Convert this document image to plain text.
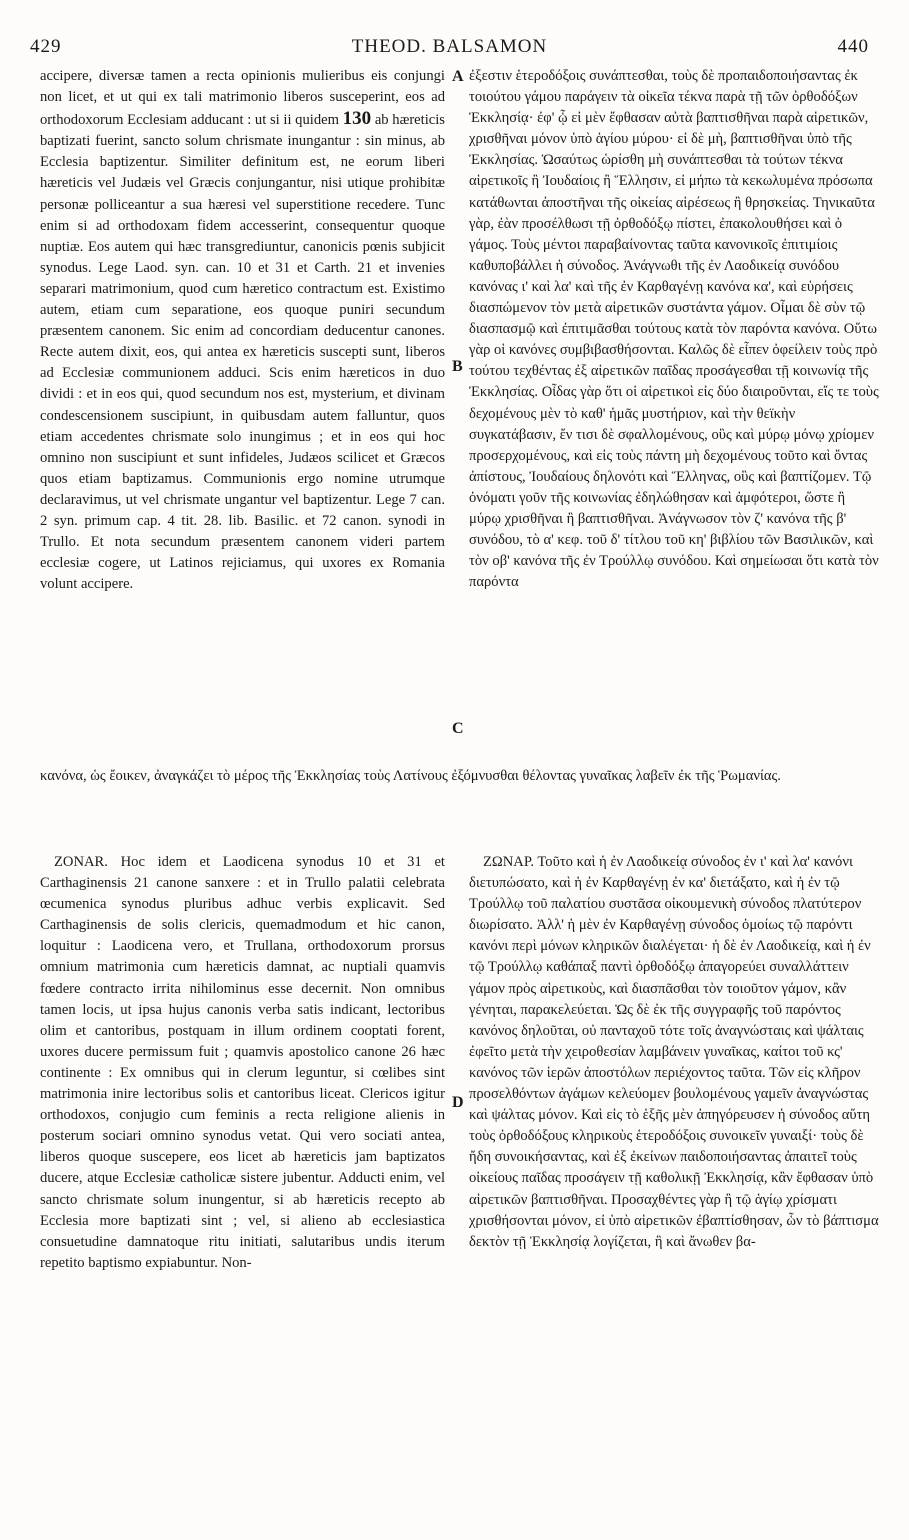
429	THEOD. BALSAMON	440

accipere, diversæ tamen a recta opinionis mulieribus eis conjungi non licet, et ut qui ex tali matrimonio liberos susceperint, eos ad orthodoxorum Ecclesiam adducant : ut si ii quidem 130 ab hæreticis baptizati fuerint, sancto solum chrismate inungantur : sin minus, ab Ecclesia baptizentur. Similiter definitum est, ne eorum liberi hæreticis vel Judæis vel Græcis conjungantur, nisi utique prohibitæ personæ polliceantur a sua hæresi vel superstitione recedere. Tunc enim si ad orthodoxam fidem accesserint, consequentur quoque nuptiæ. Eos autem qui hæc transgrediuntur, canonicis pœnis subjicit synodus. Lege Laod. syn. can. 10 et 31 et Carth. 21 et invenies separari matrimonium, quod cum hæretico contractum est. Existimo autem, etiam cum separatione, eos quoque puniri secundum præsentem canonem. Sic enim ad concordiam deducentur canones. Recte autem dixit, eos, qui antea ex hæreticis suscepti sunt, liberos ad Ecclesiæ communionem adduci. Scis enim hæreticos in duo dividi : et in eos qui, quod secundum nos est, mysterium, et divinam condescensionem suscipiunt, in quibusdam autem falluntur, quos etiam accedentes chrismate solo inungimus ; et in eos qui hoc omnino non suscipiunt et sunt infideles, Judæos scilicet et Græcos quos etiam baptizamus. Communionis ergo nomine utrumque declaravimus, ut vel chrismate ungantur vel baptizentur. Lege 7 can. 2 syn. primum cap. 4 tit. 28. lib. Basilic. et 72 canon. synodi in Trullo. Et nota secundum præsentem canonem videri partem ecclesiæ cogere, ut Latinos rejiciamus, qui uxores ex Romania volunt accipere.

ἐξεστιν ἑτεροδόξοις συνάπτεσθαι, τοὺς δὲ προπαιδοποιήσαντας ἐκ τοιούτου γάμου παράγειν τὰ οἰκεῖα τέκνα παρὰ τῇ τῶν ὀρθοδόξων Ἐκκλησίᾳ· ἐφ' ᾧ εἰ μὲν ἔφθασαν αὐτὰ βαπτισθῆναι παρὰ αἱρετικῶν, χρισθῆναι μόνον ὑπὸ ἁγίου μύρου· εἰ δὲ μὴ, βαπτισθῆναι ὑπὸ τῆς Ἐκκλησίας. Ὡσαύτως ὡρίσθη μὴ συνάπτεσθαι τὰ τούτων τέκνα αἱρετικοῖς ἢ Ἰουδαίοις ἢ Ἕλλησιν, εἰ μήπω τὰ κεκωλυμένα πρόσωπα κατάθωνται ἀποστῆναι τῆς οἰκείας αἱρέσεως ἢ θρησκείας. Τηνικαῦτα γὰρ, ἐὰν προσέλθωσι τῇ ὀρθοδόξῳ πίστει, ἐπακολουθήσει καὶ ὁ γάμος. Τοὺς μέντοι παραβαίνοντας ταῦτα κανονικοῖς ἐπιτιμίοις καθυποβάλλει ἡ σύνοδος. Ἀνάγνωθι τῆς ἐν Λαοδικείᾳ συνόδου κανόνας ι' καὶ λα' καὶ τῆς ἐν Καρθαγένῃ κανόνα κα', καὶ εὑρήσεις διασπώμενον τὸν μετὰ αἱρετικῶν συστάντα γάμον. Οἶμαι δὲ σὺν τῷ διασπασμῷ καὶ ἐπιτιμᾶσθαι τούτους κατὰ τὸν παρόντα κανόνα. Οὕτω γὰρ οἱ κανόνες συμβιβασθήσονται. Καλῶς δὲ εἶπεν ὀφείλειν τοὺς πρὸ τούτου τεχθέντας ἐξ αἱρετικῶν παῖδας προσάγεσθαι τῇ κοινωνίᾳ τῆς Ἐκκλησίας. Οἶδας γὰρ ὅτι οἱ αἱρετικοὶ εἰς δύο διαιροῦνται, εἴς τε τοὺς δεχομένους μὲν τὸ καθ' ἡμᾶς μυστήριον, καὶ τὴν θεϊκὴν συγκατάβασιν, ἔν τισι δὲ σφαλλομένους, οὓς καὶ μύρῳ μόνῳ χρίομεν προσερχομένους, καὶ εἰς τοὺς πάντη μὴ δεχομένους τοῦτο καὶ ὄντας ἀπίστους, Ἰουδαίους δηλονότι καὶ Ἕλληνας, οὓς καὶ βαπτίζομεν. Τῷ ὀνόματι γοῦν τῆς κοινωνίας ἐδηλώθησαν καὶ ἀμφότεροι, ὥστε ἢ μύρῳ χρισθῆναι ἢ βαπτισθῆναι. Ἀνάγνωσον τὸν ζ' κανόνα τῆς β' συνόδου, τὸ α' κεφ. τοῦ δ' τίτλου τοῦ κη' βιβλίου τῶν Βασιλικῶν, καὶ τὸν οβ' κανόνα τῆς ἐν Τρούλλῳ συνόδου. Καὶ σημείωσαι ὅτι κατὰ τὸν παρόντα

κανόνα, ὡς ἔοικεν, ἀναγκάζει τὸ μέρος τῆς Ἐκκλησίας τοὺς Λατίνους ἐξόμνυσθαι θέλοντας γυναῖκας λαβεῖν ἐκ τῆς Ῥωμανίας.

ZONAR. Hoc idem et Laodicena synodus 10 et 31 et Carthaginensis 21 canone sanxere : et in Trullo palatii celebrata œcumenica synodus pluribus adhuc verbis explicavit. Sed Carthaginensis de solis clericis, quemadmodum et hic canon, loquitur : Laodicena vero, et Trullana, orthodoxorum prorsus omnium matrimonia cum hæreticis damnat, ac nuptiali quamvis fœdere contracto irrita nihilominus esse decernit. Non omnibus tamen locis, ut ipsa hujus canonis verba satis indicant, lectoribus olim et cantoribus, postquam in illum ordinem cooptati forent, uxores ducere permissum fuit ; quamvis apostolico canone 26 hæc continente : Ex omnibus qui in clerum leguntur, si cœlibes sint matrimonia inire lectoribus solis et cantoribus liceat. Clericos igitur orthodoxos, conjugio cum feminis a recta religione alienis in posterum sociari omnino synodus vetat. Qui vero sociati antea, liberos quoque suscepere, eos licet ab hæreticis jam baptizatos ducere, atque Ecclesiæ catholicæ sistere jubentur. Adducti enim, vel sancto chrismate solum inungentur, si ab hæreticis recepto ab Ecclesia more baptizati sint ; vel, si alieno ab ecclesiastica consuetudine damnatoque ritu initiati, salutaribus undis iterum repetito baptismo expiabuntur. Non-

ΖΩΝΑΡ. Τοῦτο καὶ ἡ ἐν Λαοδικείᾳ σύνοδος ἐν ι' καὶ λα' κανόνι διετυπώσατο, καὶ ἡ ἐν Καρθαγένῃ ἐν κα' διετάξατο, καὶ ἡ ἐν τῷ Τρούλλῳ τοῦ παλατίου συστᾶσα οἰκουμενικὴ σύνοδος πλατύτερον διωρίσατο. Ἀλλ' ἡ μὲν ἐν Καρθαγένῃ σύνοδος ὁμοίως τῷ παρόντι κανόνι περὶ μόνων κληρικῶν διαλέγεται· ἡ δὲ ἐν Λαοδικείᾳ, καὶ ἡ ἐν τῷ Τρούλλῳ καθάπαξ παντὶ ὀρθοδόξῳ ἀπαγορεύει συναλλάττειν γάμον πρὸς αἱρετικοὺς, καὶ διασπᾶσθαι τὸν τοιοῦτον γάμον, κἂν γένηται, παρακελεύεται. Ὡς δὲ ἐκ τῆς συγγραφῆς τοῦ παρόντος κανόνος δηλοῦται, οὐ πανταχοῦ τότε τοῖς ἀναγνώσταις καὶ ψάλταις ἐφεῖτο μετὰ τὴν χειροθεσίαν λαμβάνειν γυναῖκας, καίτοι τοῦ κς' κανόνος τῶν ἱερῶν ἀποστόλων περιέχοντος ταῦτα. Τῶν εἰς κλῆρον προσελθόντων ἀγάμων κελεύομεν βουλομένους γαμεῖν ἀναγνώστας καὶ ψάλτας μόνον. Καὶ εἰς τὸ ἑξῆς μὲν ἀπηγόρευσεν ἡ σύνοδος αὕτη τοὺς ὀρθοδόξους κληρικοὺς ἑτεροδόξοις συνοικεῖν γυναιξί· τοὺς δὲ ἤδη συνοικήσαντας, καὶ ἐξ ἐκείνων παιδοποιήσαντας ἀπαιτεῖ τοὺς οἰκείους παῖδας προσάγειν τῇ καθολικῇ Ἐκκλησίᾳ, κἂν ἔφθασαν ὑπὸ αἱρετικῶν βαπτισθῆναι. Προσαχθέντες γὰρ ἢ τῷ ἁγίῳ χρίσματι χρισθήσονται μόνον, εἰ ὑπὸ αἱρετικῶν ἐβαπτίσθησαν, ὧν τὸ βάπτισμα δεκτὸν τῇ Ἐκκλησίᾳ λογίζεται, ἢ καὶ ἄνωθεν βα-

A
B
C
D
